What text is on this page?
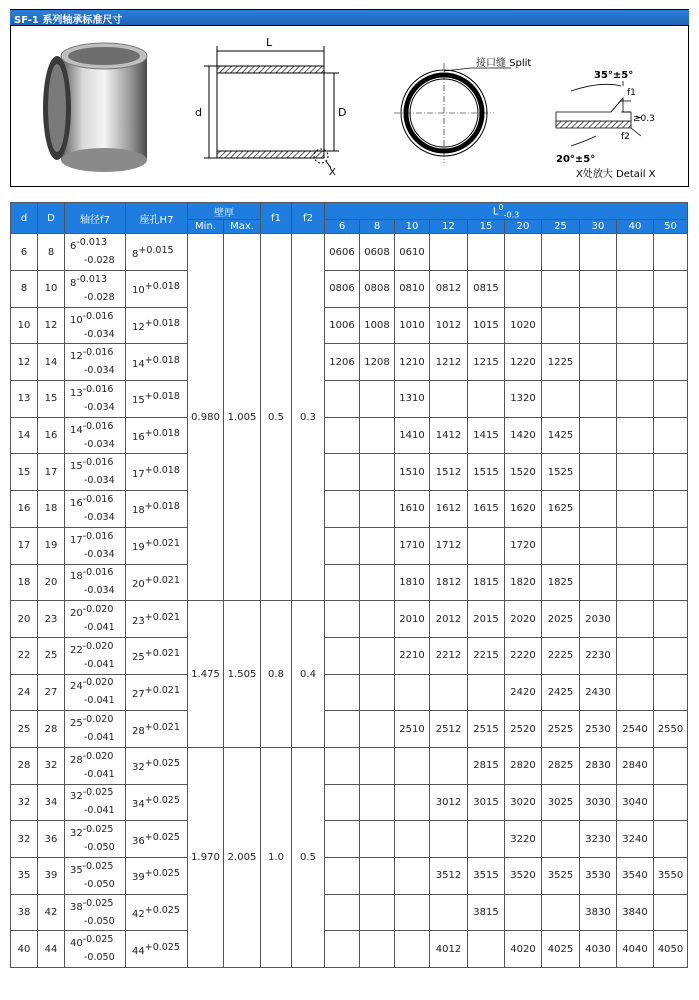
SF-1 系列轴承标准尺寸
L
d	D
X
接口缝 Split
35°±5°
f1
≥0.3
f2
20°±5°
X处放大 Detail X
d	D	轴径f7	座孔H7	壁厚		f1	f2	$L^0_{-0.3}$
				Min.	Max.			6	8	10	12	15	20	25	30	40	50
6	8	6-0.013
-0.028	8+0.015	0.980	1.005	0.5	0.3	0606	0608	0610							
8	10	8-0.013
-0.028	10+0.018					0806	0808	0810	0812	0815					
10	12	10-0.016
-0.034	12+0.018					1006	1008	1010	1012	1015	1020				
12	14	12-0.016
-0.034	14+0.018					1206	1208	1210	1212	1215	1220	1225			
13	15	13-0.016
-0.034	15+0.018							1310			1320				
14	16	14-0.016
-0.034	16+0.018							1410	1412	1415	1420	1425			
15	17	15-0.016
-0.034	17+0.018							1510	1512	1515	1520	1525			
16	18	16-0.016
-0.034	18+0.018							1610	1612	1615	1620	1625			
17	19	17-0.016
-0.034	19+0.021							1710	1712		1720				
18	20	18-0.016
-0.034	20+0.021							1810	1812	1815	1820	1825			
20	23	20-0.020
-0.041	23+0.021	1.475	1.505	0.8	0.4			2010	2012	2015	2020	2025	2030		
22	25	22-0.020
-0.041	25+0.021							2210	2212	2215	2220	2225	2230		
24	27	24-0.020
-0.041	27+0.021										2420	2425	2430		
25	28	25-0.020
-0.041	28+0.021							2510	2512	2515	2520	2525	2530	2540	2550
28	32	28-0.020
-0.041	32+0.025	1.970	2.005	1.0	0.5					2815	2820	2825	2830	2840	
32	34	32-0.025
-0.041	34+0.025								3012	3015	3020	3025	3030	3040	
32	36	32-0.025
-0.050	36+0.025										3220		3230	3240	
35	39	35-0.025
-0.050	39+0.025								3512	3515	3520	3525	3530	3540	3550
38	42	38-0.025
-0.050	42+0.025									3815			3830	3840	
40	44	40-0.025
-0.050	44+0.025								4012		4020	4025	4030	4040	4050
